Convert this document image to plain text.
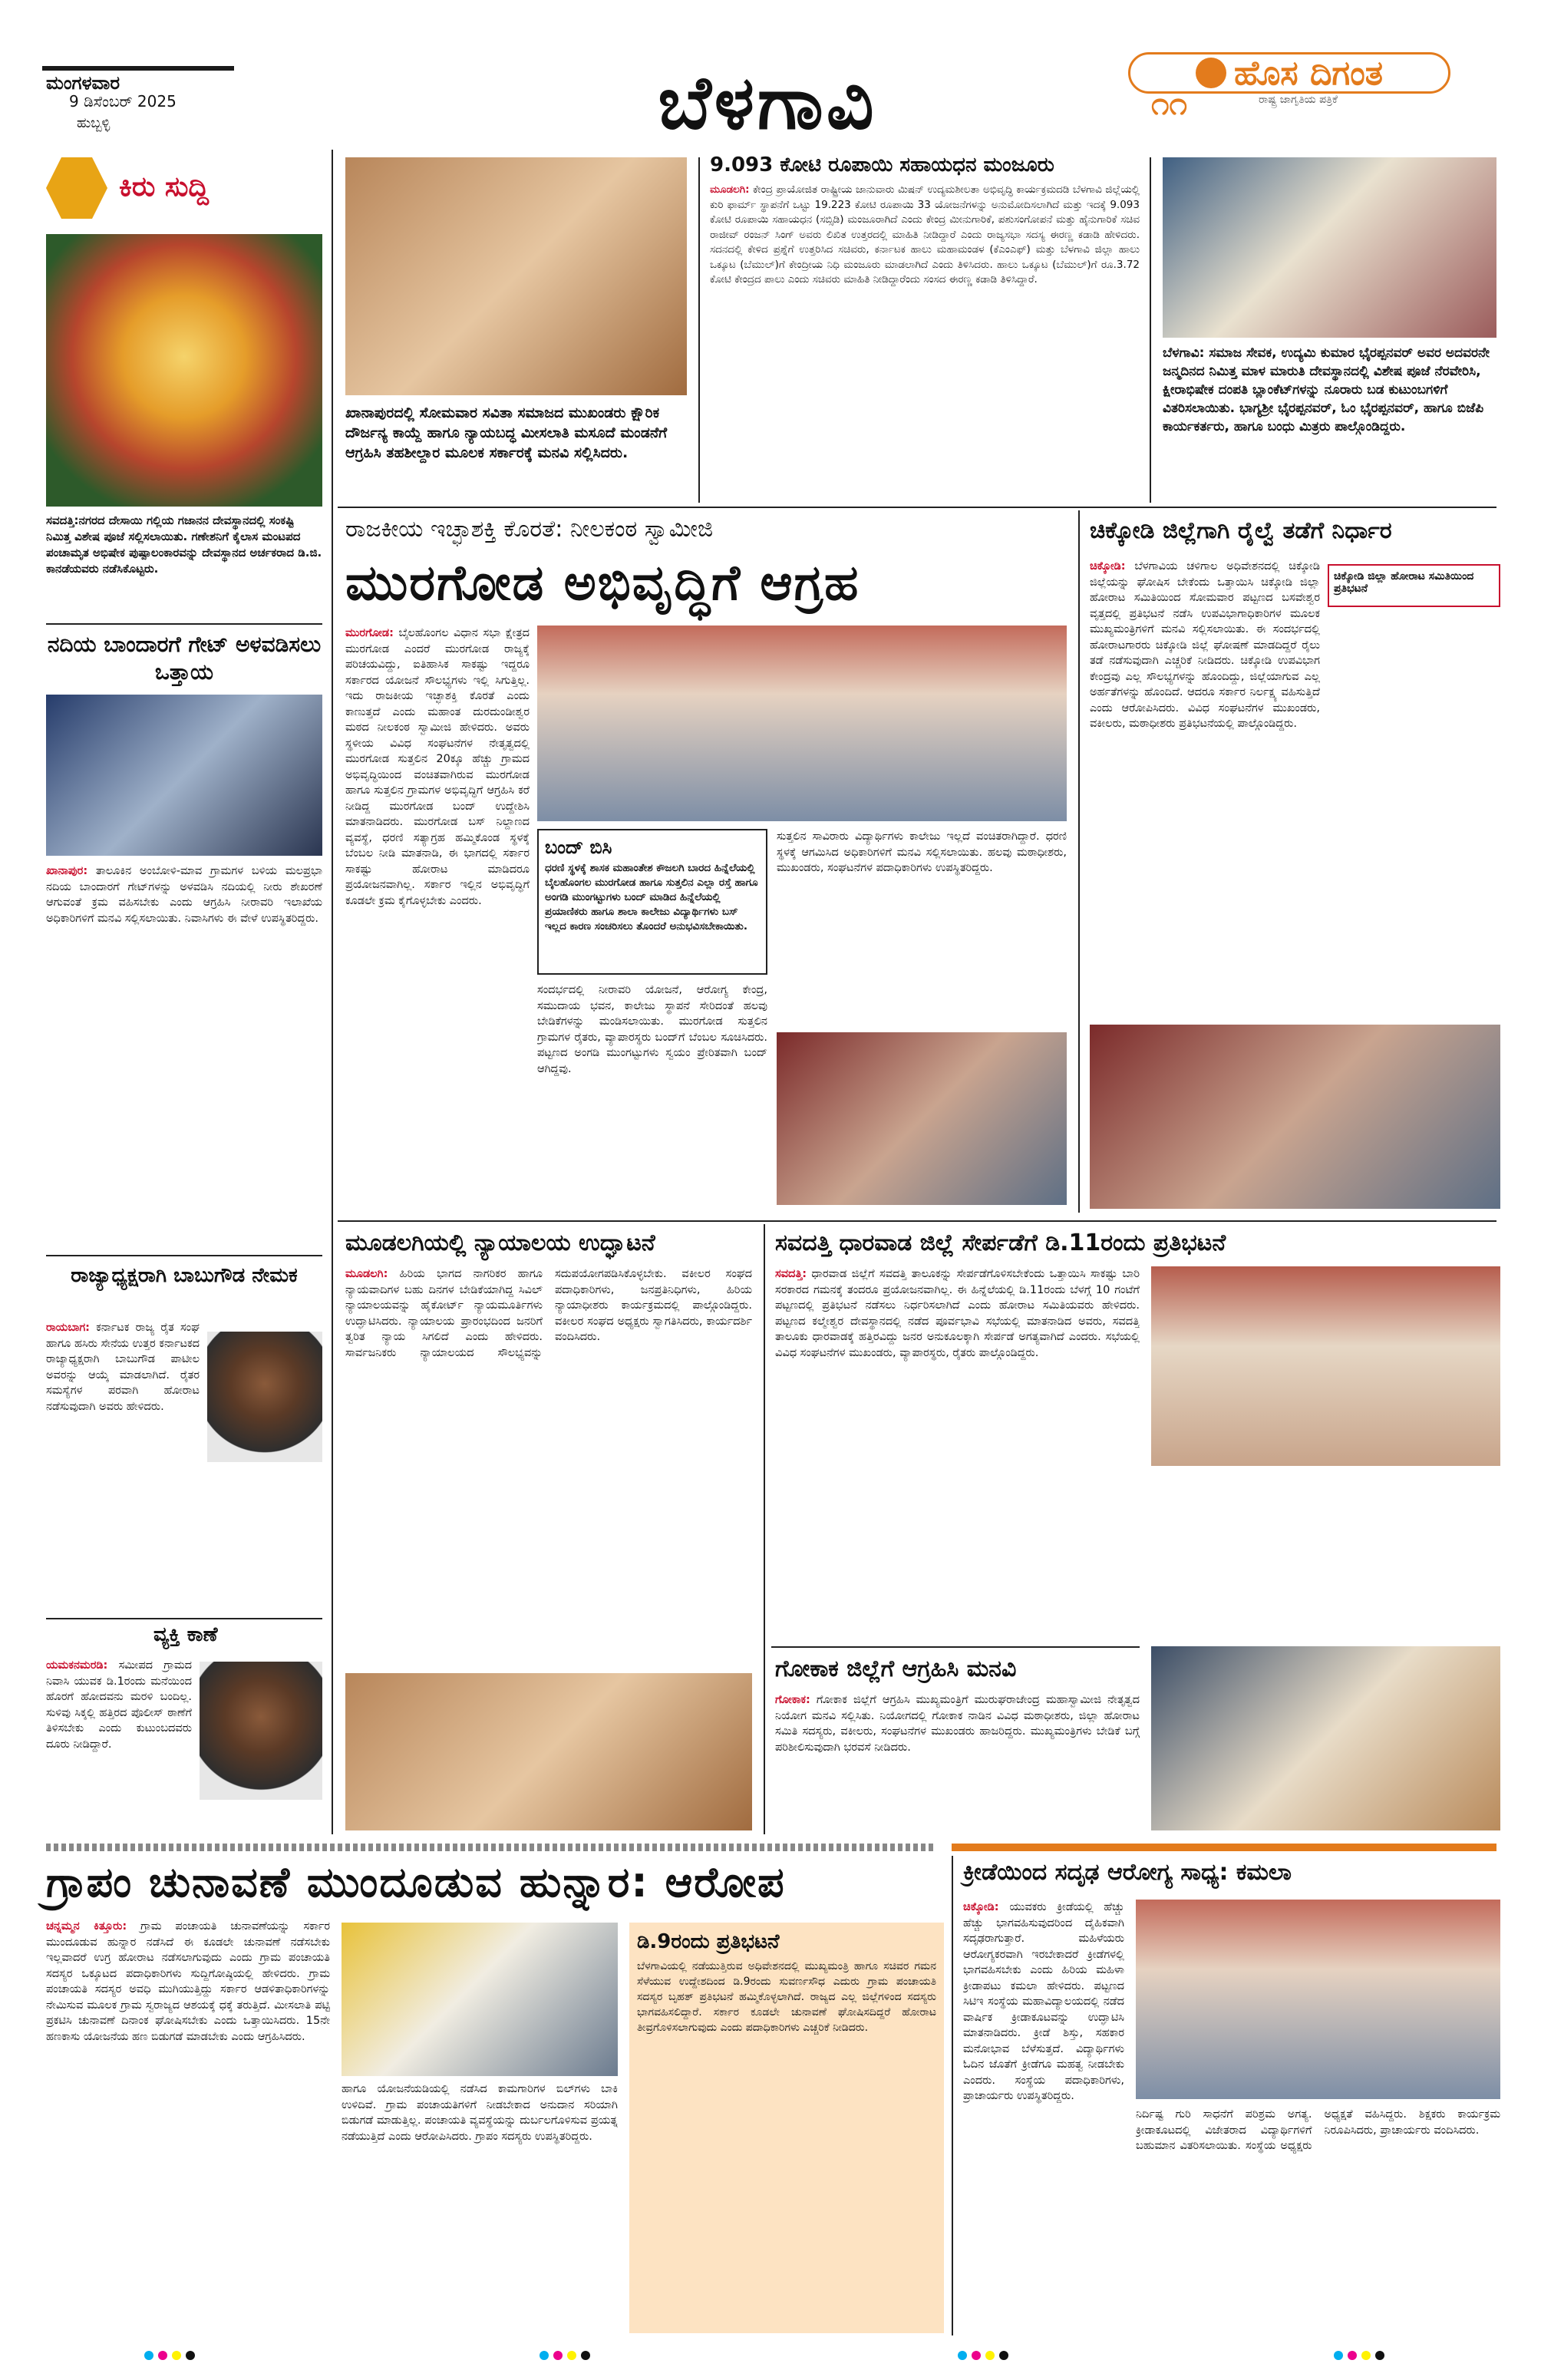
ಮಂಗಳವಾರ
9 ಡಿಸೆಂಬರ್ 2025
ಹುಬ್ಬಳ್ಳಿ	ಬೆಳಗಾವಿ	ಹೊಸ ದಿಗಂತ
ರಾಷ್ಟ್ರ ಜಾಗೃತಿಯ ಪತ್ರಿಕೆ
೧೧
ಕಿರು ಸುದ್ದಿ
ಸವದತ್ತಿ:ನಗರದ ದೇಸಾಯಿ ಗಲ್ಲಿಯ ಗಜಾನನ ದೇವಸ್ಥಾನದಲ್ಲಿ ಸಂಕಷ್ಟಿ ನಿಮಿತ್ತ ವಿಶೇಷ ಪೂಜೆ ಸಲ್ಲಿಸಲಾಯಿತು. ಗಣೇಶನಿಗೆ ಕೈಲಾಸ ಮಂಟಪದ ಪಂಚಾಮೃತ ಅಭಿಷೇಕ ಪುಷ್ಪಾಲಂಕಾರವನ್ನು ದೇವಸ್ಥಾನದ ಅರ್ಚಕರಾದ ಡಿ.ಜಿ. ಕಾನಡೆಯವರು ನಡೆಸಿಕೊಟ್ಟರು.
ನದಿಯ ಬಾಂದಾರಗೆ ಗೇಟ್ ಅಳವಡಿಸಲು ಒತ್ತಾಯ
ಖಾನಾಪುರ: ತಾಲೂಕಿನ ಅಂಬೋಳಿ-ಮಾವ ಗ್ರಾಮಗಳ ಬಳಿಯ ಮಲಪ್ರಭಾ ನದಿಯ ಬಾಂದಾರಗೆ ಗೇಟ್‌ಗಳನ್ನು ಅಳವಡಿಸಿ ನದಿಯಲ್ಲಿ ನೀರು ಶೇಖರಣೆ ಆಗುವಂತೆ ಕ್ರಮ ವಹಿಸಬೇಕು ಎಂದು ಆಗ್ರಹಿಸಿ ನೀರಾವರಿ ಇಲಾಖೆಯ ಅಧಿಕಾರಿಗಳಿಗೆ ಮನವಿ ಸಲ್ಲಿಸಲಾಯಿತು. ನಿವಾಸಿಗಳು ಈ ವೇಳೆ ಉಪಸ್ಥಿತರಿದ್ದರು.
ರಾಜ್ಯಾಧ್ಯಕ್ಷರಾಗಿ ಬಾಬುಗೌಡ ನೇಮಕ
ರಾಯಬಾಗ: ಕರ್ನಾಟಕ ರಾಜ್ಯ ರೈತ ಸಂಘ ಹಾಗೂ ಹಸಿರು ಸೇನೆಯ ಉತ್ತರ ಕರ್ನಾಟಕದ ರಾಜ್ಯಾಧ್ಯಕ್ಷರಾಗಿ ಬಾಬುಗೌಡ ಪಾಟೀಲ ಅವರನ್ನು ಆಯ್ಕೆ ಮಾಡಲಾಗಿದೆ. ರೈತರ ಸಮಸ್ಯೆಗಳ ಪರವಾಗಿ ಹೋರಾಟ ನಡೆಸುವುದಾಗಿ ಅವರು ಹೇಳಿದರು.
ವ್ಯಕ್ತಿ ಕಾಣೆ
ಯಮಕನಮರಡಿ: ಸಮೀಪದ ಗ್ರಾಮದ ನಿವಾಸಿ ಯುವಕ ಡಿ.1ರಂದು ಮನೆಯಿಂದ ಹೊರಗೆ ಹೋದವನು ಮರಳಿ ಬಂದಿಲ್ಲ. ಸುಳಿವು ಸಿಕ್ಕಲ್ಲಿ ಹತ್ತಿರದ ಪೊಲೀಸ್ ಠಾಣೆಗೆ ತಿಳಿಸಬೇಕು ಎಂದು ಕುಟುಂಬದವರು ದೂರು ನೀಡಿದ್ದಾರೆ.
ಖಾನಾಪುರದಲ್ಲಿ ಸೋಮವಾರ ಸವಿತಾ ಸಮಾಜದ ಮುಖಂಡರು ಕ್ಷೌರಿಕ ದೌರ್ಜನ್ಯ ಕಾಯ್ದೆ ಹಾಗೂ ನ್ಯಾಯಬದ್ಧ ಮೀಸಲಾತಿ ಮಸೂದೆ ಮಂಡನೆಗೆ ಆಗ್ರಹಿಸಿ ತಹಶೀಲ್ದಾರ ಮೂಲಕ ಸರ್ಕಾರಕ್ಕೆ ಮನವಿ ಸಲ್ಲಿಸಿದರು.
9.093 ಕೋಟಿ ರೂಪಾಯಿ ಸಹಾಯಧನ ಮಂಜೂರು
ಮೂಡಲಗಿ: ಕೇಂದ್ರ ಪ್ರಾಯೋಜಿತ ರಾಷ್ಟ್ರೀಯ ಜಾನುವಾರು ಮಿಷನ್ ಉದ್ಯಮಶೀಲತಾ ಅಭಿವೃದ್ಧಿ ಕಾರ್ಯಕ್ರಮದಡಿ ಬೆಳಗಾವಿ ಜಿಲ್ಲೆಯಲ್ಲಿ ಕುರಿ ಫಾರ್ಮ್ ಸ್ಥಾಪನೆಗೆ ಒಟ್ಟು 19.223 ಕೋಟಿ ರೂಪಾಯಿ 33 ಯೋಜನೆಗಳನ್ನು ಅನುಮೋದಿಸಲಾಗಿದೆ ಮತ್ತು ಇದಕ್ಕೆ 9.093 ಕೋಟಿ ರೂಪಾಯಿ ಸಹಾಯಧನ (ಸಬ್ಸಿಡಿ) ಮಂಜೂರಾಗಿದೆ ಎಂದು ಕೇಂದ್ರ ಮೀನುಗಾರಿಕೆ, ಪಶುಸಂಗೋಪನೆ ಮತ್ತು ಹೈನುಗಾರಿಕೆ ಸಚಿವ ರಾಜೀವ್ ರಂಜನ್ ಸಿಂಗ್ ಅವರು ಲಿಖಿತ ಉತ್ತರದಲ್ಲಿ ಮಾಹಿತಿ ನೀಡಿದ್ದಾರೆ ಎಂದು ರಾಜ್ಯಸಭಾ ಸದಸ್ಯ ಈರಣ್ಣ ಕಡಾಡಿ ಹೇಳಿದರು. ಸದನದಲ್ಲಿ ಕೇಳಿದ ಪ್ರಶ್ನೆಗೆ ಉತ್ತರಿಸಿದ ಸಚಿವರು, ಕರ್ನಾಟಕ ಹಾಲು ಮಹಾಮಂಡಳ (ಕೆಎಂಎಫ್) ಮತ್ತು ಬೆಳಗಾವಿ ಜಿಲ್ಲಾ ಹಾಲು ಒಕ್ಕೂಟ (ಬೆಮುಲ್)ಗೆ ಕೇಂದ್ರೀಯ ನಿಧಿ ಮಂಜೂರು ಮಾಡಲಾಗಿದೆ ಎಂದು ತಿಳಿಸಿದರು. ಹಾಲು ಒಕ್ಕೂಟ (ಬೆಮುಲ್)ಗೆ ರೂ.3.72 ಕೋಟಿ ಕೇಂದ್ರದ ಪಾಲು ಎಂದು ಸಚಿವರು ಮಾಹಿತಿ ನೀಡಿದ್ದಾರೆಂದು ಸಂಸದ ಈರಣ್ಣ ಕಡಾಡಿ ತಿಳಿಸಿದ್ದಾರೆ.
ಬೆಳಗಾವಿ: ಸಮಾಜ ಸೇವಕ, ಉದ್ಯಮಿ ಕುಮಾರ ಭೈರಪ್ಪನವರ್ ಅವರ ಅದವರನೇ ಜನ್ಮದಿನದ ನಿಮಿತ್ತ ಮಾಳ ಮಾರುತಿ ದೇವಸ್ಥಾನದಲ್ಲಿ ವಿಶೇಷ ಪೂಜೆ ನೆರವೇರಿಸಿ, ಕ್ಷೀರಾಭಿಷೇಕ ದಂಪತಿ ಬ್ಲಾಂಕೆಟ್‌ಗಳನ್ನು ನೂರಾರು ಬಡ ಕುಟುಂಬಗಳಿಗೆ ವಿತರಿಸಲಾಯಿತು. ಭಾಗ್ಯಶ್ರೀ ಭೈರಪ್ಪನವರ್, ಓಂ ಭೈರಪ್ಪನವರ್, ಹಾಗೂ ಬಿಜೆಪಿ ಕಾರ್ಯಕರ್ತರು, ಹಾಗೂ ಬಂಧು ಮಿತ್ರರು ಪಾಲ್ಗೊಂಡಿದ್ದರು.
ರಾಜಕೀಯ ಇಚ್ಛಾಶಕ್ತಿ ಕೊರತೆ: ನೀಲಕಂಠ ಸ್ವಾಮೀಜಿ
ಮುರಗೋಡ ಅಭಿವೃದ್ಧಿಗೆ ಆಗ್ರಹ
ಮುರಗೋಡ: ಬೈಲಹೊಂಗಲ ವಿಧಾನ ಸಭಾ ಕ್ಷೇತ್ರದ ಮುರಗೋಡ ಎಂದರೆ ಮುರಗೋಡ ರಾಜ್ಯಕ್ಕೆ ಪರಿಚಯವಿದ್ದು, ಐತಿಹಾಸಿಕ ಸಾಕಷ್ಟು ಇದ್ದರೂ ಸರ್ಕಾರದ ಯೋಜನೆ ಸೌಲಭ್ಯಗಳು ಇಲ್ಲಿ ಸಿಗುತ್ತಿಲ್ಲ. ಇದು ರಾಜಕೀಯ ಇಚ್ಛಾಶಕ್ತಿ ಕೊರತೆ ಎಂದು ಕಾಣುತ್ತದೆ ಎಂದು ಮಹಾಂತ ದುರದುಂಡೀಶ್ವರ ಮಠದ ನೀಲಕಂಠ ಸ್ವಾಮೀಜಿ ಹೇಳಿದರು. ಅವರು ಸ್ಥಳೀಯ ವಿವಿಧ ಸಂಘಟನೆಗಳ ನೇತೃತ್ವದಲ್ಲಿ ಮುರಗೋಡ ಸುತ್ತಲಿನ 20ಕ್ಕೂ ಹೆಚ್ಚು ಗ್ರಾಮದ ಅಭಿವೃದ್ಧಿಯಿಂದ ವಂಚಿತವಾಗಿರುವ ಮುರಗೋಡ ಹಾಗೂ ಸುತ್ತಲಿನ ಗ್ರಾಮಗಳ ಅಭಿವೃದ್ಧಿಗೆ ಆಗ್ರಹಿಸಿ ಕರೆ ನೀಡಿದ್ದ ಮುರಗೋಡ ಬಂದ್ ಉದ್ದೇಶಿಸಿ ಮಾತನಾಡಿದರು. ಮುರಗೋಡ ಬಸ್ ನಿಲ್ದಾಣದ ವ್ಯವಸ್ಥೆ, ಧರಣಿ ಸತ್ಯಾಗ್ರಹ ಹಮ್ಮಿಕೊಂಡ ಸ್ಥಳಕ್ಕೆ ಬೆಂಬಲ ನೀಡಿ ಮಾತನಾಡಿ, ಈ ಭಾಗದಲ್ಲಿ ಸರ್ಕಾರ ಸಾಕಷ್ಟು ಹೋರಾಟ ಮಾಡಿದರೂ ಪ್ರಯೋಜನವಾಗಿಲ್ಲ. ಸರ್ಕಾರ ಇಲ್ಲಿನ ಅಭಿವೃದ್ಧಿಗೆ ಕೂಡಲೇ ಕ್ರಮ ಕೈಗೊಳ್ಳಬೇಕು ಎಂದರು.
ಬಂದ್ ಬಿಸಿ
ಧರಣಿ ಸ್ಥಳಕ್ಕೆ ಶಾಸಕ ಮಹಾಂತೇಶ ಕೌಜಲಗಿ ಬಾರದ ಹಿನ್ನೆಲೆಯಲ್ಲಿ ಬೈಲಹೊಂಗಲ ಮುರಗೋಡ ಹಾಗೂ ಸುತ್ತಲಿನ ಎಲ್ಲಾ ರಸ್ತೆ ಹಾಗೂ ಅಂಗಡಿ ಮುಂಗಟ್ಟುಗಳು ಬಂದ್ ಮಾಡಿದ ಹಿನ್ನೆಲೆಯಲ್ಲಿ ಪ್ರಯಾಣಿಕರು ಹಾಗೂ ಶಾಲಾ ಕಾಲೇಜು ವಿದ್ಯಾರ್ಥಿಗಳು ಬಸ್ ಇಲ್ಲದ ಕಾರಣ ಸಂಚರಿಸಲು ತೊಂದರೆ ಅನುಭವಿಸಬೇಕಾಯಿತು.
ಸಂದರ್ಭದಲ್ಲಿ ನೀರಾವರಿ ಯೋಜನೆ, ಆರೋಗ್ಯ ಕೇಂದ್ರ, ಸಮುದಾಯ ಭವನ, ಕಾಲೇಜು ಸ್ಥಾಪನೆ ಸೇರಿದಂತೆ ಹಲವು ಬೇಡಿಕೆಗಳನ್ನು ಮಂಡಿಸಲಾಯಿತು. ಮುರಗೋಡ ಸುತ್ತಲಿನ ಗ್ರಾಮಗಳ ರೈತರು, ವ್ಯಾಪಾರಸ್ಥರು ಬಂದ್‌ಗೆ ಬೆಂಬಲ ಸೂಚಿಸಿದರು. ಪಟ್ಟಣದ ಅಂಗಡಿ ಮುಂಗಟ್ಟುಗಳು ಸ್ವಯಂ ಪ್ರೇರಿತವಾಗಿ ಬಂದ್ ಆಗಿದ್ದವು.
ಸುತ್ತಲಿನ ಸಾವಿರಾರು ವಿದ್ಯಾರ್ಥಿಗಳು ಕಾಲೇಜು ಇಲ್ಲದೆ ವಂಚಿತರಾಗಿದ್ದಾರೆ. ಧರಣಿ ಸ್ಥಳಕ್ಕೆ ಆಗಮಿಸಿದ ಅಧಿಕಾರಿಗಳಿಗೆ ಮನವಿ ಸಲ್ಲಿಸಲಾಯಿತು. ಹಲವು ಮಠಾಧೀಶರು, ಮುಖಂಡರು, ಸಂಘಟನೆಗಳ ಪದಾಧಿಕಾರಿಗಳು ಉಪಸ್ಥಿತರಿದ್ದರು.
ಚಿಕ್ಕೋಡಿ ಜಿಲ್ಲೆಗಾಗಿ ರೈಲ್ವೆ ತಡೆಗೆ ನಿರ್ಧಾರ
ಚಿಕ್ಕೋಡಿ: ಬೆಳಗಾವಿಯ ಚಳಿಗಾಲ ಅಧಿವೇಶನದಲ್ಲಿ ಚಿಕ್ಕೋಡಿ ಜಿಲ್ಲೆಯನ್ನು ಘೋಷಿಸ ಬೇಕೆಂದು ಒತ್ತಾಯಿಸಿ ಚಿಕ್ಕೋಡಿ ಜಿಲ್ಲಾ ಹೋರಾಟ ಸಮಿತಿಯಿಂದ ಸೋಮವಾರ ಪಟ್ಟಣದ ಬಸವೇಶ್ವರ ವೃತ್ತದಲ್ಲಿ ಪ್ರತಿಭಟನೆ ನಡೆಸಿ ಉಪವಿಭಾಗಾಧಿಕಾರಿಗಳ ಮೂಲಕ ಮುಖ್ಯಮಂತ್ರಿಗಳಿಗೆ ಮನವಿ ಸಲ್ಲಿಸಲಾಯಿತು. ಈ ಸಂದರ್ಭದಲ್ಲಿ ಹೋರಾಟಗಾರರು ಚಿಕ್ಕೋಡಿ ಜಿಲ್ಲೆ ಘೋಷಣೆ ಮಾಡದಿದ್ದರೆ ರೈಲು ತಡೆ ನಡೆಸುವುದಾಗಿ ಎಚ್ಚರಿಕೆ ನೀಡಿದರು. ಚಿಕ್ಕೋಡಿ ಉಪವಿಭಾಗ ಕೇಂದ್ರವು ಎಲ್ಲ ಸೌಲಭ್ಯಗಳನ್ನು ಹೊಂದಿದ್ದು, ಜಿಲ್ಲೆಯಾಗುವ ಎಲ್ಲ ಅರ್ಹತೆಗಳನ್ನು ಹೊಂದಿದೆ. ಆದರೂ ಸರ್ಕಾರ ನಿರ್ಲಕ್ಷ್ಯ ವಹಿಸುತ್ತಿದೆ ಎಂದು ಆರೋಪಿಸಿದರು. ವಿವಿಧ ಸಂಘಟನೆಗಳ ಮುಖಂಡರು, ವಕೀಲರು, ಮಠಾಧೀಶರು ಪ್ರತಿಭಟನೆಯಲ್ಲಿ ಪಾಲ್ಗೊಂಡಿದ್ದರು.
ಚಿಕ್ಕೋಡಿ ಜಿಲ್ಲಾ ಹೋರಾಟ ಸಮಿತಿಯಿಂದ ಪ್ರತಿಭಟನೆ
ಮೂಡಲಗಿಯಲ್ಲಿ ನ್ಯಾಯಾಲಯ ಉದ್ಘಾಟನೆ
ಮೂಡಲಗಿ: ಹಿರಿಯ ಭಾಗದ ನಾಗರಿಕರ ಹಾಗೂ ನ್ಯಾಯವಾದಿಗಳ ಬಹು ದಿನಗಳ ಬೇಡಿಕೆಯಾಗಿದ್ದ ಸಿವಿಲ್ ನ್ಯಾಯಾಲಯವನ್ನು ಹೈಕೋರ್ಟ್ ನ್ಯಾಯಮೂರ್ತಿಗಳು ಉದ್ಘಾಟಿಸಿದರು. ನ್ಯಾಯಾಲಯ ಪ್ರಾರಂಭದಿಂದ ಜನರಿಗೆ ತ್ವರಿತ ನ್ಯಾಯ ಸಿಗಲಿದೆ ಎಂದು ಹೇಳಿದರು. ಸಾರ್ವಜನಿಕರು ನ್ಯಾಯಾಲಯದ ಸೌಲಭ್ಯವನ್ನು ಸದುಪಯೋಗಪಡಿಸಿಕೊಳ್ಳಬೇಕು. ವಕೀಲರ ಸಂಘದ ಪದಾಧಿಕಾರಿಗಳು, ಜನಪ್ರತಿನಿಧಿಗಳು, ಹಿರಿಯ ನ್ಯಾಯಾಧೀಶರು ಕಾರ್ಯಕ್ರಮದಲ್ಲಿ ಪಾಲ್ಗೊಂಡಿದ್ದರು. ವಕೀಲರ ಸಂಘದ ಅಧ್ಯಕ್ಷರು ಸ್ವಾಗತಿಸಿದರು, ಕಾರ್ಯದರ್ಶಿ ವಂದಿಸಿದರು.
ಸವದತ್ತಿ ಧಾರವಾಡ ಜಿಲ್ಲೆ ಸೇರ್ಪಡೆಗೆ ಡಿ.11ರಂದು ಪ್ರತಿಭಟನೆ
ಸವದತ್ತಿ: ಧಾರವಾಡ ಜಿಲ್ಲೆಗೆ ಸವದತ್ತಿ ತಾಲೂಕನ್ನು ಸೇರ್ಪಡೆಗೊಳಿಸಬೇಕೆಂದು ಒತ್ತಾಯಿಸಿ ಸಾಕಷ್ಟು ಬಾರಿ ಸರಕಾರದ ಗಮನಕ್ಕೆ ತಂದರೂ ಪ್ರಯೋಜನವಾಗಿಲ್ಲ. ಈ ಹಿನ್ನೆಲೆಯಲ್ಲಿ ಡಿ.11ರಂದು ಬೆಳಗ್ಗೆ 10 ಗಂಟೆಗೆ ಪಟ್ಟಣದಲ್ಲಿ ಪ್ರತಿಭಟನೆ ನಡೆಸಲು ನಿರ್ಧರಿಸಲಾಗಿದೆ ಎಂದು ಹೋರಾಟ ಸಮಿತಿಯವರು ಹೇಳಿದರು. ಪಟ್ಟಣದ ಕಲ್ಮೇಶ್ವರ ದೇವಸ್ಥಾನದಲ್ಲಿ ನಡೆದ ಪೂರ್ವಭಾವಿ ಸಭೆಯಲ್ಲಿ ಮಾತನಾಡಿದ ಅವರು, ಸವದತ್ತಿ ತಾಲೂಕು ಧಾರವಾಡಕ್ಕೆ ಹತ್ತಿರವಿದ್ದು ಜನರ ಅನುಕೂಲಕ್ಕಾಗಿ ಸೇರ್ಪಡೆ ಅಗತ್ಯವಾಗಿದೆ ಎಂದರು. ಸಭೆಯಲ್ಲಿ ವಿವಿಧ ಸಂಘಟನೆಗಳ ಮುಖಂಡರು, ವ್ಯಾಪಾರಸ್ಥರು, ರೈತರು ಪಾಲ್ಗೊಂಡಿದ್ದರು.
ಗೋಕಾಕ ಜಿಲ್ಲೆಗೆ ಆಗ್ರಹಿಸಿ ಮನವಿ
ಗೋಕಾಕ: ಗೋಕಾಕ ಜಿಲ್ಲೆಗೆ ಆಗ್ರಹಿಸಿ ಮುಖ್ಯಮಂತ್ರಿಗೆ ಮುರುಘರಾಜೇಂದ್ರ ಮಹಾಸ್ವಾಮೀಜಿ ನೇತೃತ್ವದ ನಿಯೋಗ ಮನವಿ ಸಲ್ಲಿಸಿತು. ನಿಯೋಗದಲ್ಲಿ ಗೋಕಾಕ ನಾಡಿನ ವಿವಿಧ ಮಠಾಧೀಶರು, ಜಿಲ್ಲಾ ಹೋರಾಟ ಸಮಿತಿ ಸದಸ್ಯರು, ವಕೀಲರು, ಸಂಘಟನೆಗಳ ಮುಖಂಡರು ಹಾಜರಿದ್ದರು. ಮುಖ್ಯಮಂತ್ರಿಗಳು ಬೇಡಿಕೆ ಬಗ್ಗೆ ಪರಿಶೀಲಿಸುವುದಾಗಿ ಭರವಸೆ ನೀಡಿದರು.
ಗ್ರಾಪಂ ಚುನಾವಣೆ ಮುಂದೂಡುವ ಹುನ್ನಾರ: ಆರೋಪ
ಚನ್ನಮ್ಮನ ಕಿತ್ತೂರು: ಗ್ರಾಮ ಪಂಚಾಯತಿ ಚುನಾವಣೆಯನ್ನು ಸರ್ಕಾರ ಮುಂದೂಡುವ ಹುನ್ನಾರ ನಡೆಸಿದೆ ಈ ಕೂಡಲೇ ಚುನಾವಣೆ ನಡೆಸಬೇಕು ಇಲ್ಲವಾದರೆ ಉಗ್ರ ಹೋರಾಟ ನಡೆಸಲಾಗುವುದು ಎಂದು ಗ್ರಾಮ ಪಂಚಾಯತಿ ಸದಸ್ಯರ ಒಕ್ಕೂಟದ ಪದಾಧಿಕಾರಿಗಳು ಸುದ್ದಿಗೋಷ್ಠಿಯಲ್ಲಿ ಹೇಳಿದರು. ಗ್ರಾಮ ಪಂಚಾಯತಿ ಸದಸ್ಯರ ಅವಧಿ ಮುಗಿಯುತ್ತಿದ್ದು ಸರ್ಕಾರ ಆಡಳಿತಾಧಿಕಾರಿಗಳನ್ನು ನೇಮಿಸುವ ಮೂಲಕ ಗ್ರಾಮ ಸ್ವರಾಜ್ಯದ ಆಶಯಕ್ಕೆ ಧಕ್ಕೆ ತರುತ್ತಿದೆ. ಮೀಸಲಾತಿ ಪಟ್ಟಿ ಪ್ರಕಟಿಸಿ ಚುನಾವಣೆ ದಿನಾಂಕ ಘೋಷಿಸಬೇಕು ಎಂದು ಒತ್ತಾಯಿಸಿದರು. 15ನೇ ಹಣಕಾಸು ಯೋಜನೆಯ ಹಣ ಬಿಡುಗಡೆ ಮಾಡಬೇಕು ಎಂದು ಆಗ್ರಹಿಸಿದರು.
ಹಾಗೂ ಯೋಜನೆಯಡಿಯಲ್ಲಿ ನಡೆಸಿದ ಕಾಮಗಾರಿಗಳ ಬಿಲ್‌ಗಳು ಬಾಕಿ ಉಳಿದಿವೆ. ಗ್ರಾಮ ಪಂಚಾಯತಿಗಳಿಗೆ ನೀಡಬೇಕಾದ ಅನುದಾನ ಸರಿಯಾಗಿ ಬಿಡುಗಡೆ ಮಾಡುತ್ತಿಲ್ಲ. ಪಂಚಾಯತಿ ವ್ಯವಸ್ಥೆಯನ್ನು ದುರ್ಬಲಗೊಳಿಸುವ ಪ್ರಯತ್ನ ನಡೆಯುತ್ತಿದೆ ಎಂದು ಆರೋಪಿಸಿದರು. ಗ್ರಾಪಂ ಸದಸ್ಯರು ಉಪಸ್ಥಿತರಿದ್ದರು.
ಡಿ.9ರಂದು ಪ್ರತಿಭಟನೆ
ಬೆಳಗಾವಿಯಲ್ಲಿ ನಡೆಯುತ್ತಿರುವ ಅಧಿವೇಶನದಲ್ಲಿ ಮುಖ್ಯಮಂತ್ರಿ ಹಾಗೂ ಸಚಿವರ ಗಮನ ಸೆಳೆಯುವ ಉದ್ದೇಶದಿಂದ ಡಿ.9ರಂದು ಸುವರ್ಣಸೌಧ ಎದುರು ಗ್ರಾಮ ಪಂಚಾಯತಿ ಸದಸ್ಯರ ಬೃಹತ್ ಪ್ರತಿಭಟನೆ ಹಮ್ಮಿಕೊಳ್ಳಲಾಗಿದೆ. ರಾಜ್ಯದ ಎಲ್ಲ ಜಿಲ್ಲೆಗಳಿಂದ ಸದಸ್ಯರು ಭಾಗವಹಿಸಲಿದ್ದಾರೆ. ಸರ್ಕಾರ ಕೂಡಲೇ ಚುನಾವಣೆ ಘೋಷಿಸದಿದ್ದರೆ ಹೋರಾಟ ತೀವ್ರಗೊಳಿಸಲಾಗುವುದು ಎಂದು ಪದಾಧಿಕಾರಿಗಳು ಎಚ್ಚರಿಕೆ ನೀಡಿದರು.
ಕ್ರೀಡೆಯಿಂದ ಸದೃಢ ಆರೋಗ್ಯ ಸಾಧ್ಯ: ಕಮಲಾ
ಚಿಕ್ಕೋಡಿ: ಯುವಕರು ಕ್ರೀಡೆಯಲ್ಲಿ ಹೆಚ್ಚು ಹೆಚ್ಚು ಭಾಗವಹಿಸುವುದರಿಂದ ದೈಹಿಕವಾಗಿ ಸದೃಢರಾಗುತ್ತಾರೆ. ಮಹಿಳೆಯರು ಆರೋಗ್ಯಕರವಾಗಿ ಇರಬೇಕಾದರೆ ಕ್ರೀಡೆಗಳಲ್ಲಿ ಭಾಗವಹಿಸಬೇಕು ಎಂದು ಹಿರಿಯ ಮಹಿಳಾ ಕ್ರೀಡಾಪಟು ಕಮಲಾ ಹೇಳಿದರು. ಪಟ್ಟಣದ ಸಿಟಿಇ ಸಂಸ್ಥೆಯ ಮಹಾವಿದ್ಯಾಲಯದಲ್ಲಿ ನಡೆದ ವಾರ್ಷಿಕ ಕ್ರೀಡಾಕೂಟವನ್ನು ಉದ್ಘಾಟಿಸಿ ಮಾತನಾಡಿದರು. ಕ್ರೀಡೆ ಶಿಸ್ತು, ಸಹಕಾರ ಮನೋಭಾವ ಬೆಳೆಸುತ್ತದೆ. ವಿದ್ಯಾರ್ಥಿಗಳು ಓದಿನ ಜೊತೆಗೆ ಕ್ರೀಡೆಗೂ ಮಹತ್ವ ನೀಡಬೇಕು ಎಂದರು. ಸಂಸ್ಥೆಯ ಪದಾಧಿಕಾರಿಗಳು, ಪ್ರಾಚಾರ್ಯರು ಉಪಸ್ಥಿತರಿದ್ದರು.
ನಿರ್ದಿಷ್ಟ ಗುರಿ ಸಾಧನೆಗೆ ಪರಿಶ್ರಮ ಅಗತ್ಯ. ಕ್ರೀಡಾಕೂಟದಲ್ಲಿ ವಿಜೇತರಾದ ವಿದ್ಯಾರ್ಥಿಗಳಿಗೆ ಬಹುಮಾನ ವಿತರಿಸಲಾಯಿತು. ಸಂಸ್ಥೆಯ ಅಧ್ಯಕ್ಷರು ಅಧ್ಯಕ್ಷತೆ ವಹಿಸಿದ್ದರು. ಶಿಕ್ಷಕರು ಕಾರ್ಯಕ್ರಮ ನಿರೂಪಿಸಿದರು, ಪ್ರಾಚಾರ್ಯರು ವಂದಿಸಿದರು.
